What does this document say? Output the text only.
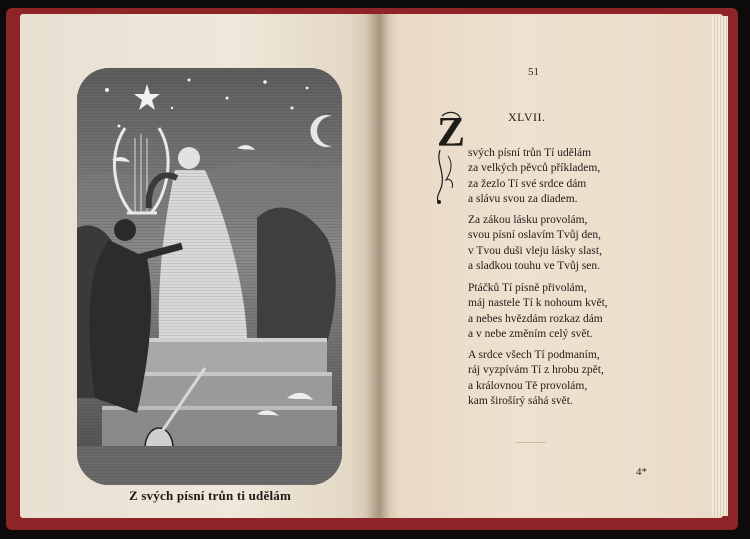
Z svých písní trůn ti udělám
51
XLVII.
Z svých písní trůn Tí udělám
za velkých pěvců příkladem,
za žezlo Tí své srdce dám
a slávu svou za diadem.
Za zákou lásku provolám,
svou písní oslavím Tvůj den,
v Tvou duši vleju lásky slast,
a sladkou touhu ve Tvůj sen.
Ptáčků Tí písně přivolám,
máj nastele Tí k nohoum květ,
a nebes hvězdám rozkaz dám
a v nebe změním celý svět.
A srdce všech Tí podmaním,
ráj vyzpívám Tí z hrobu zpět,
a královnou Tě provolám,
kam širošírý sáhá svět.
4*
